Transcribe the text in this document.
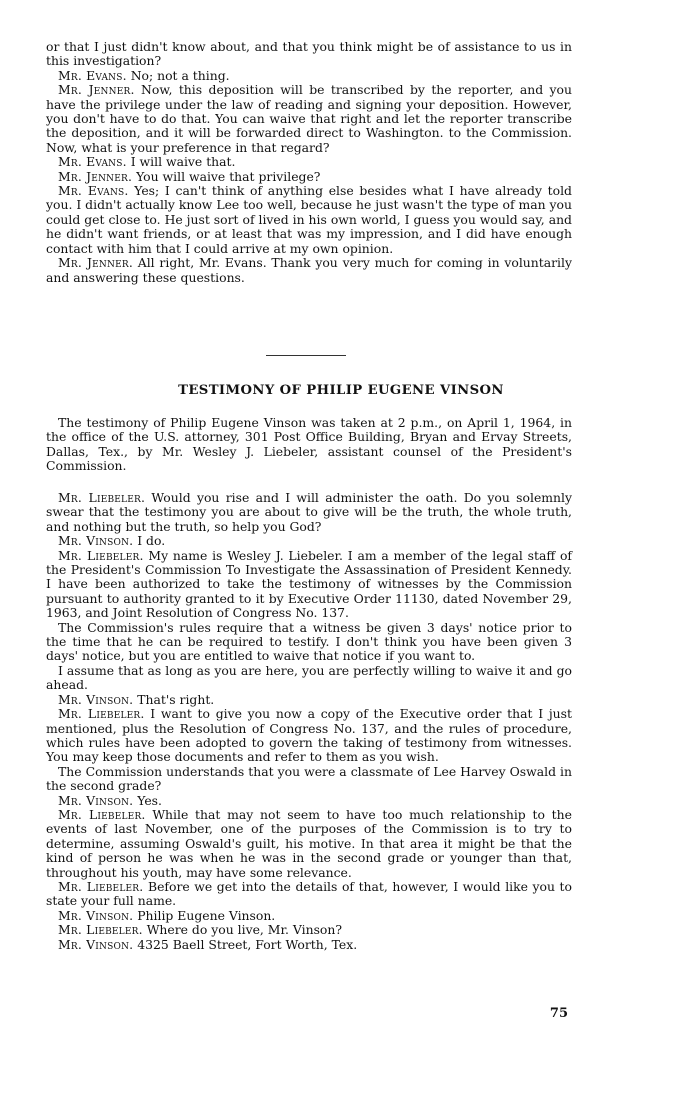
or that I just didn't know about, and that you think might be of assistance to us in this investigation?

Mr. Evans. No; not a thing.

Mr. Jenner. Now, this deposition will be transcribed by the reporter, and you have the privilege under the law of reading and signing your deposition. However, you don't have to do that. You can waive that right and let the reporter transcribe the deposition, and it will be forwarded direct to Washington. to the Commission. Now, what is your preference in that regard?

Mr. Evans. I will waive that.

Mr. Jenner. You will waive that privilege?

Mr. Evans. Yes; I can't think of anything else besides what I have already told you. I didn't actually know Lee too well, because he just wasn't the type of man you could get close to. He just sort of lived in his own world, I guess you would say, and he didn't want friends, or at least that was my impression, and I did have enough contact with him that I could arrive at my own opinion.

Mr. Jenner. All right, Mr. Evans. Thank you very much for coming in voluntarily and answering these questions.

TESTIMONY OF PHILIP EUGENE VINSON

The testimony of Philip Eugene Vinson was taken at 2 p.m., on April 1, 1964, in the office of the U.S. attorney, 301 Post Office Building, Bryan and Ervay Streets, Dallas, Tex., by Mr. Wesley J. Liebeler, assistant counsel of the President's Commission.

Mr. Liebeler. Would you rise and I will administer the oath. Do you solemnly swear that the testimony you are about to give will be the truth, the whole truth, and nothing but the truth, so help you God?

Mr. Vinson. I do.

Mr. Liebeler. My name is Wesley J. Liebeler. I am a member of the legal staff of the President's Commission To Investigate the Assassination of President Kennedy. I have been authorized to take the testimony of witnesses by the Commission pursuant to authority granted to it by Executive Order 11130, dated November 29, 1963, and Joint Resolution of Congress No. 137.

The Commission's rules require that a witness be given 3 days' notice prior to the time that he can be required to testify. I don't think you have been given 3 days' notice, but you are entitled to waive that notice if you want to.

I assume that as long as you are here, you are perfectly willing to waive it and go ahead.

Mr. Vinson. That's right.

Mr. Liebeler. I want to give you now a copy of the Executive order that I just mentioned, plus the Resolution of Congress No. 137, and the rules of procedure, which rules have been adopted to govern the taking of testimony from witnesses. You may keep those documents and refer to them as you wish.

The Commission understands that you were a classmate of Lee Harvey Oswald in the second grade?

Mr. Vinson. Yes.

Mr. Liebeler. While that may not seem to have too much relationship to the events of last November, one of the purposes of the Commission is to try to determine, assuming Oswald's guilt, his motive. In that area it might be that the kind of person he was when he was in the second grade or younger than that, throughout his youth, may have some relevance.

Mr. Liebeler. Before we get into the details of that, however, I would like you to state your full name.

Mr. Vinson. Philip Eugene Vinson.

Mr. Liebeler. Where do you live, Mr. Vinson?

Mr. Vinson. 4325 Baell Street, Fort Worth, Tex.

75
